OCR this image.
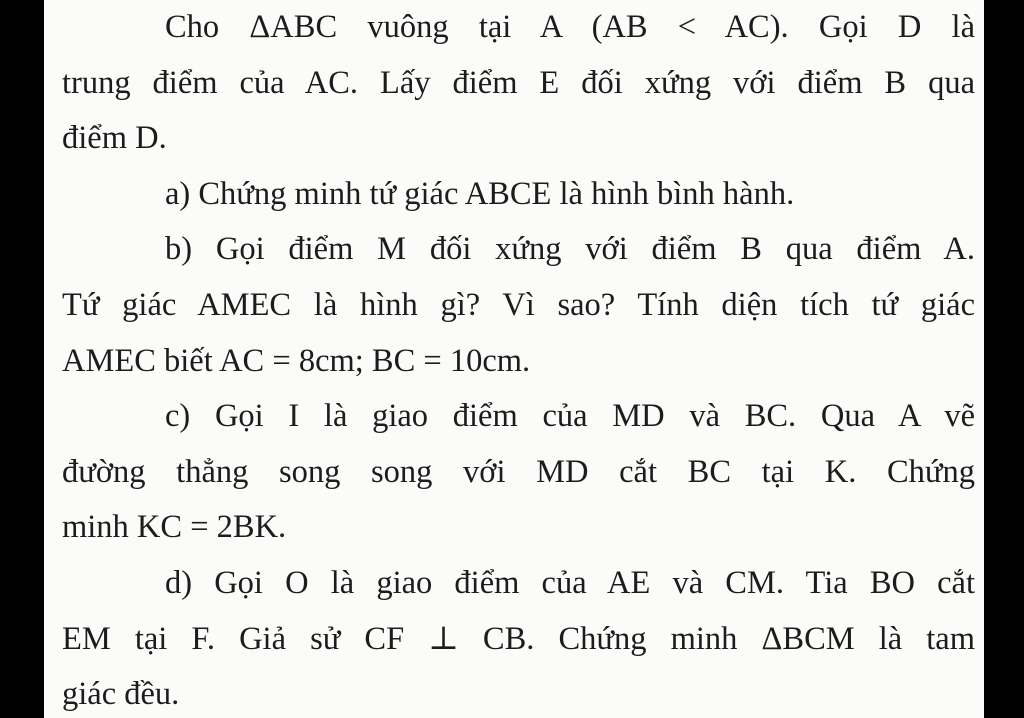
Cho ΔABC vuông tại A (AB < AC). Gọi D là
trung điểm của AC. Lấy điểm E đối xứng với điểm B qua
điểm D.
a) Chứng minh tứ giác ABCE là hình bình hành.
b) Gọi điểm M đối xứng với điểm B qua điểm A.
Tứ giác AMEC là hình gì? Vì sao? Tính diện tích tứ giác
AMEC biết AC = 8cm; BC = 10cm.
c) Gọi I là giao điểm của MD và BC. Qua A vẽ
đường thẳng song song với MD cắt BC tại K. Chứng
minh KC = 2BK.
d) Gọi O là giao điểm của AE và CM. Tia BO cắt
EM tại F. Giả sử CF ⊥ CB. Chứng minh ΔBCM là tam
giác đều.
